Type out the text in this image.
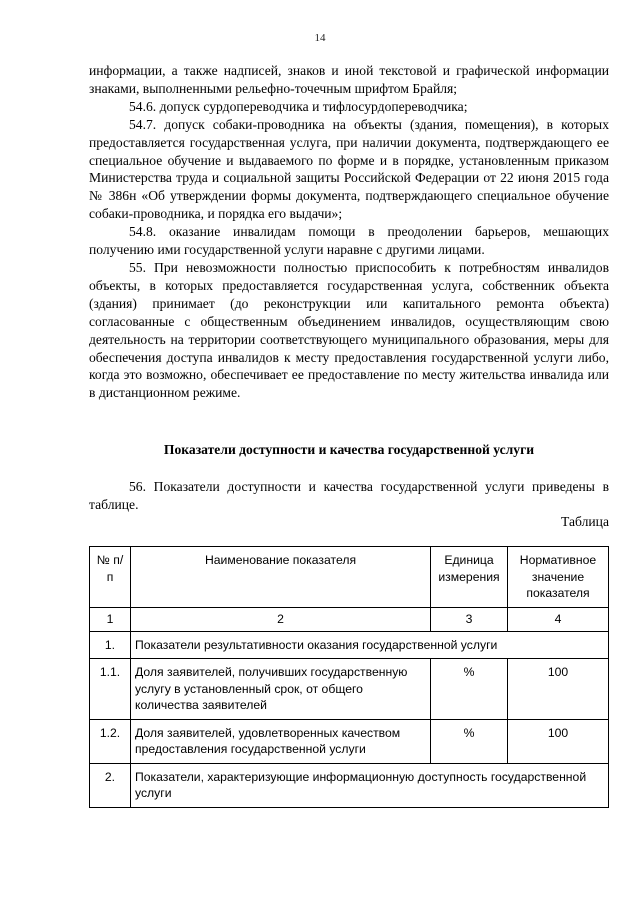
14

информации, а также надписей, знаков и иной текстовой и графической информации знаками, выполненными рельефно-точечным шрифтом Брайля;

54.6. допуск сурдопереводчика и тифлосурдопереводчика;

54.7. допуск собаки-проводника на объекты (здания, помещения), в которых предоставляется государственная услуга, при наличии документа, подтверждающего ее специальное обучение и выдаваемого по форме и в порядке, установленным приказом Министерства труда и социальной защиты Российской Федерации от 22 июня 2015 года № 386н «Об утверждении формы документа, подтверждающего специальное обучение собаки-проводника, и порядка его выдачи»;

54.8. оказание инвалидам помощи в преодолении барьеров, мешающих получению ими государственной услуги наравне с другими лицами.

55. При невозможности полностью приспособить к потребностям инвалидов объекты, в которых предоставляется государственная услуга, собственник объекта (здания) принимает (до реконструкции или капитального ремонта объекта) согласованные с общественным объединением инвалидов, осуществляющим свою деятельность на территории соответствующего муниципального образования, меры для обеспечения доступа инвалидов к месту предоставления государственной услуги либо, когда это возможно, обеспечивает ее предоставление по месту жительства инвалида или в дистанционном режиме.

Показатели доступности и качества государственной услуги

56. Показатели доступности и качества государственной услуги приведены в таблице.

Таблица
№ п/п	Наименование показателя	Единица измерения	Нормативное значение показателя
1	2	3	4
1.	Показатели результативности оказания государственной услуги		
1.1.	Доля заявителей, получивших государственную услугу в установленный срок, от общего количества заявителей	%	100
1.2.	Доля заявителей, удовлетворенных качеством предоставления государственной услуги	%	100
2.	Показатели, характеризующие информационную доступность государственной услуги		
